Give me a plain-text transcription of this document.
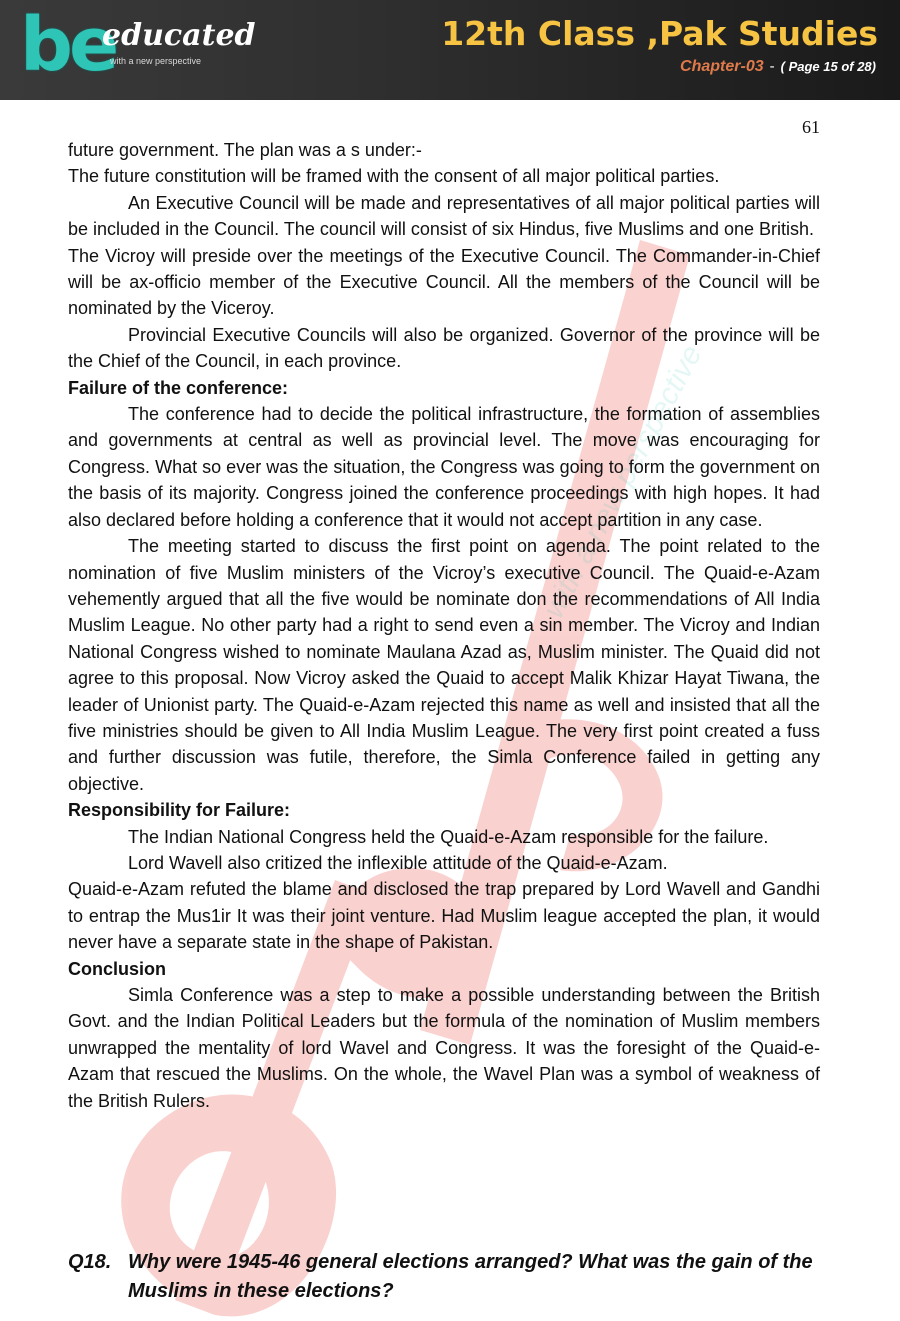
be
educated
with a new perspective
12th Class ,Pak Studies
Chapter-03 - ( Page 15 of 28)
with a new perspective
61

future government. The plan was a s under:-

The future constitution will be framed with the consent of all major political parties.

An Executive Council will be made and representatives of all major political parties will be included in the Council. The council will consist of six Hindus, five Muslims and one British.

The Vicroy will preside over the meetings of the Executive Council. The Commander-in-Chief will be ax-officio member of the Executive Council. All the members of the Council will be nominated by the Viceroy.

Provincial Executive Councils will also be organized. Governor of the province will be the Chief of the Council, in each province.

Failure of the conference:

The conference had to decide the political infrastructure, the formation of assemblies and governments at central as well as provincial level. The move was encouraging for Congress. What so ever was the situation, the Congress was going to form the government on the basis of its majority. Congress joined the conference proceedings with high hopes. It had also declared before holding a conference that it would not accept partition in any case.

The meeting started to discuss the first point on agenda. The point related to the nomination of five Muslim ministers of the Vicroy’s executive Council. The Quaid-e-Azam vehemently argued that all the five would be nominate don the recommendations of All India Muslim League. No other party had a right to send even a sin member. The Vicroy and Indian National Congress wished to nominate Maulana Azad as, Muslim minister. The Quaid did not agree to this proposal. Now Vicroy asked the Quaid to accept Malik Khizar Hayat Tiwana, the leader of Unionist party. The Quaid-e-Azam rejected this name as well and insisted that all the five ministries should be given to All India Muslim League. The very first point created a fuss and further discussion was futile, therefore, the Simla Conference failed in getting any objective.

Responsibility for Failure:

The Indian National Congress held the Quaid-e-Azam responsible for the failure.

Lord Wavell also critized the inflexible attitude of the Quaid-e-Azam.

Quaid-e-Azam refuted the blame and disclosed the trap prepared by Lord Wavell and Gandhi to entrap the Mus1ir It was their joint venture. Had Muslim league accepted the plan, it would never have a separate state in the shape of Pakistan.

Conclusion

Simla Conference was a step to make a possible understanding between the British Govt. and the Indian Political Leaders but the formula of the nomination of Muslim members unwrapped the mentality of lord Wavel and Congress. It was the foresight of the Quaid-e-Azam that rescued the Muslims. On the whole, the Wavel Plan was a symbol of weakness of the British Rulers.

Q18. Why were 1945-46 general elections arranged? What was the gain of the Muslims in these elections?
